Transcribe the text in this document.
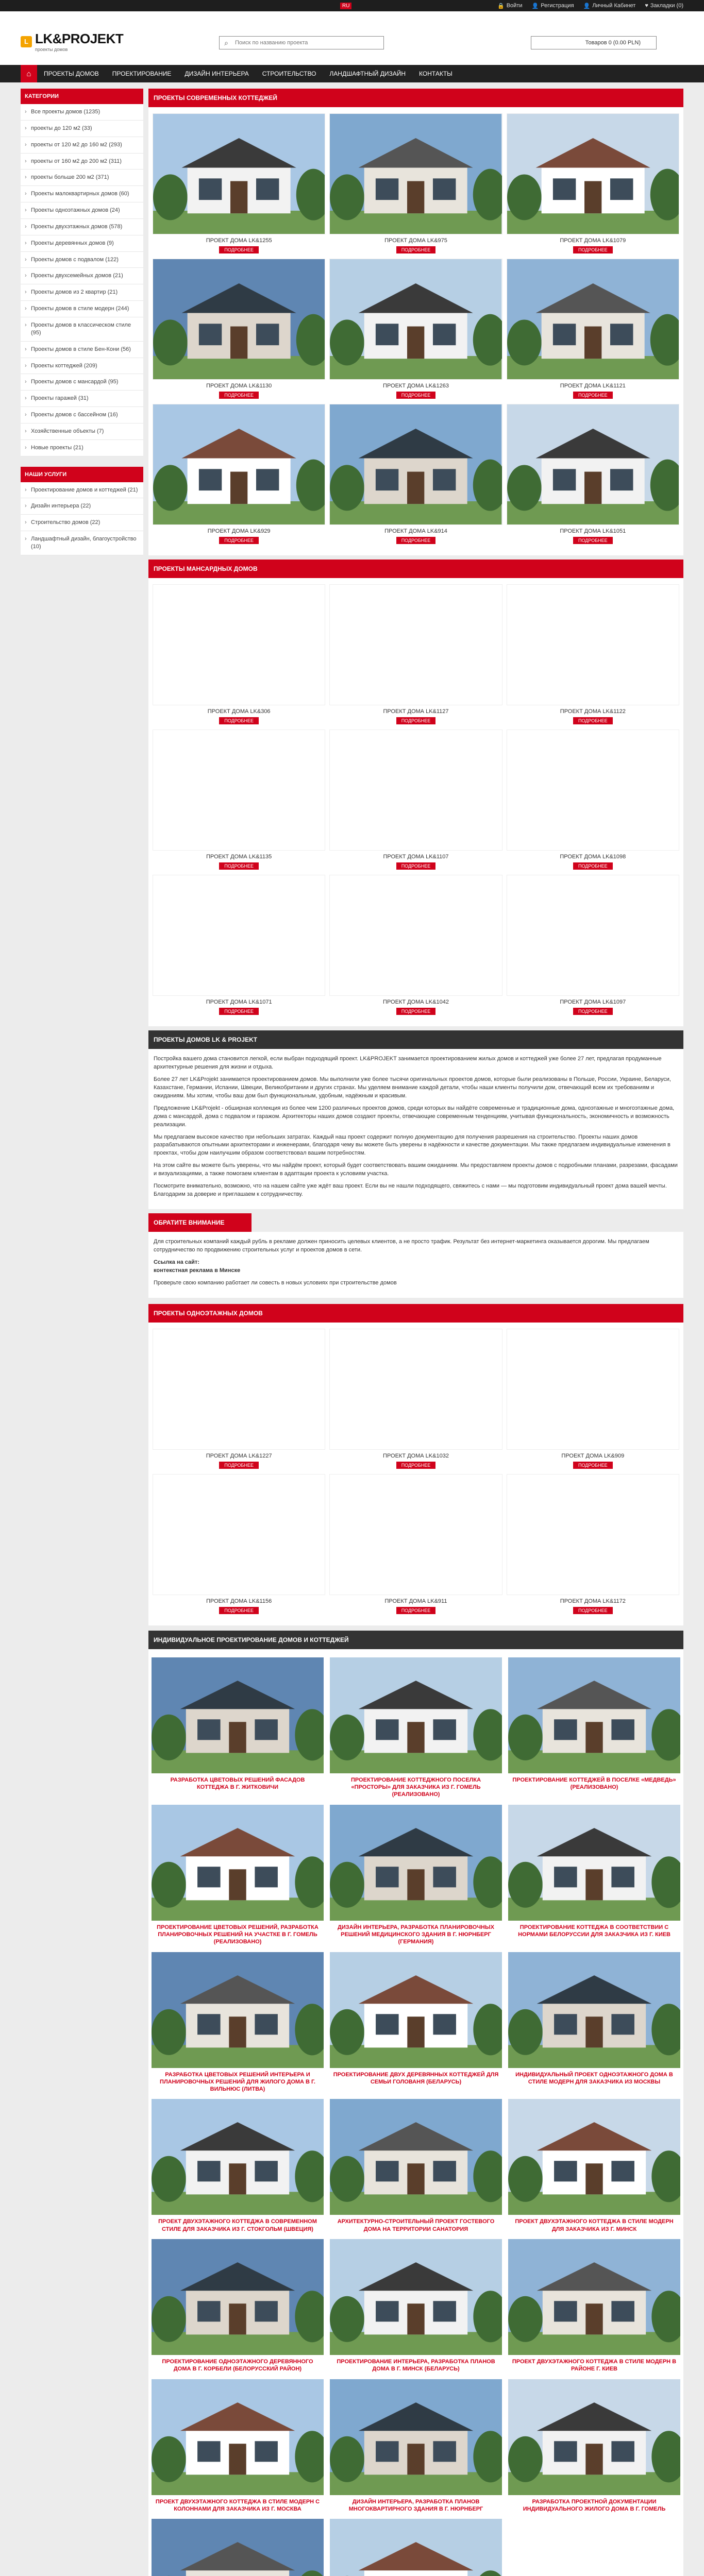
RU	🔒 Войти 👤 Регистрация 👤 Личный Кабинет ♥ Закладки (0)
L LK&PROJEKT
проекты домов
⌕
Поиск по названию проекта	Товаров 0 (0.00 PLN)
⌂	ПРОЕКТЫ ДОМОВ	ПРОЕКТИРОВАНИЕ	ДИЗАЙН ИНТЕРЬЕРА	СТРОИТЕЛЬСТВО	ЛАНДШАФТНЫЙ ДИЗАЙН	КОНТАКТЫ
КАТЕГОРИИ
› Все проекты домов (1235)
› проекты до 120 м2 (33)
› проекты от 120 м2 до 160 м2 (293)
› проекты от 160 м2 до 200 м2 (311)
› проекты больше 200 м2 (371)
› Проекты малоквартирных домов (60)
› Проекты одноэтажных домов (24)
› Проекты двухэтажных домов (578)
› Проекты деревянных домов (9)
› Проекты домов с подвалом (122)
› Проекты двухсемейных домов (21)
› Проекты домов из 2 квартир (21)
› Проекты домов в стиле модерн (244)
› Проекты домов в классическом стиле (95)
› Проекты домов в стиле Бен-Кони (56)
› Проекты коттеджей (209)
› Проекты домов с мансардой (95)
› Проекты гаражей (31)
› Проекты домов с бассейном (16)
› Хозяйственные объекты (7)
› Новые проекты (21)
НАШИ УСЛУГИ
› Проектирование домов и коттеджей (21)
› Дизайн интерьера (22)
› Строительство домов (22)
› Ландшафтный дизайн, благоустройство (10)
ПРОЕКТЫ СОВРЕМЕННЫХ КОТТЕДЖЕЙ
ПРОЕКТ ДОМА LK&1255
ПОДРОБНЕЕ
ПРОЕКТ ДОМА LK&975
ПОДРОБНЕЕ
ПРОЕКТ ДОМА LK&1079
ПОДРОБНЕЕ
ПРОЕКТ ДОМА LK&1130
ПОДРОБНЕЕ
ПРОЕКТ ДОМА LK&1263
ПОДРОБНЕЕ
ПРОЕКТ ДОМА LK&1121
ПОДРОБНЕЕ
ПРОЕКТ ДОМА LK&929
ПОДРОБНЕЕ
ПРОЕКТ ДОМА LK&914
ПОДРОБНЕЕ
ПРОЕКТ ДОМА LK&1051
ПОДРОБНЕЕ
ПРОЕКТЫ МАНСАРДНЫХ ДОМОВ
ПРОЕКТ ДОМА LK&306
ПОДРОБНЕЕ
ПРОЕКТ ДОМА LK&1127
ПОДРОБНЕЕ
ПРОЕКТ ДОМА LK&1122
ПОДРОБНЕЕ
ПРОЕКТ ДОМА LK&1135
ПОДРОБНЕЕ
ПРОЕКТ ДОМА LK&1107
ПОДРОБНЕЕ
ПРОЕКТ ДОМА LK&1098
ПОДРОБНЕЕ
ПРОЕКТ ДОМА LK&1071
ПОДРОБНЕЕ
ПРОЕКТ ДОМА LK&1042
ПОДРОБНЕЕ
ПРОЕКТ ДОМА LK&1097
ПОДРОБНЕЕ
ПРОЕКТЫ ДОМОВ LK & PROJEKT

Постройка вашего дома становится легкой, если выбран подходящий проект. LK&PROJEKT занимается проектированием жилых домов и коттеджей уже более 27 лет, предлагая продуманные архитектурные решения для жизни и отдыха.

Более 27 лет LK&Projekt занимается проектированием домов. Мы выполнили уже более тысячи оригинальных проектов домов, которые были реализованы в Польше, России, Украине, Беларуси, Казахстане, Германии, Испании, Швеции, Великобритании и других странах. Мы уделяем внимание каждой детали, чтобы наши клиенты получили дом, отвечающий всем их требованиям и ожиданиям. Мы хотим, чтобы ваш дом был функциональным, удобным, надёжным и красивым.

Предложение LK&Projekt - обширная коллекция из более чем 1200 различных проектов домов, среди которых вы найдёте современные и традиционные дома, одноэтажные и многоэтажные дома, дома с мансардой, дома с подвалом и гаражом. Архитекторы наших домов создают проекты, отвечающие современным тенденциям, учитывая функциональность, экономичность и возможность реализации.

Мы предлагаем высокое качество при небольших затратах. Каждый наш проект содержит полную документацию для получения разрешения на строительство. Проекты наших домов разрабатываются опытными архитекторами и инженерами, благодаря чему вы можете быть уверены в надёжности и качестве документации. Мы также предлагаем индивидуальные изменения в проектах, чтобы дом наилучшим образом соответствовал вашим потребностям.

На этом сайте вы можете быть уверены, что мы найдём проект, который будет соответствовать вашим ожиданиям. Мы предоставляем проекты домов с подробными планами, разрезами, фасадами и визуализациями, а также помогаем клиентам в адаптации проекта к условиям участка.

Посмотрите внимательно, возможно, что на нашем сайте уже ждёт ваш проект. Если вы не нашли подходящего, свяжитесь с нами — мы подготовим индивидуальный проект дома вашей мечты. Благодарим за доверие и приглашаем к сотрудничеству.

ОБРАТИТЕ ВНИМАНИЕ

Для строительных компаний каждый рубль в рекламе должен приносить целевых клиентов, а не просто трафик. Результат без интернет-маркетинга оказывается дорогим. Мы предлагаем сотрудничество по продвижению строительных услуг и проектов домов в сети.

Ссылка на сайт:
контекстная реклама в Минске

Проверьте свою компанию работает ли совесть в новых условиях при строительстве домов

ПРОЕКТЫ ОДНОЭТАЖНЫХ ДОМОВ
ПРОЕКТ ДОМА LK&1227
ПОДРОБНЕЕ
ПРОЕКТ ДОМА LK&1032
ПОДРОБНЕЕ
ПРОЕКТ ДОМА LK&909
ПОДРОБНЕЕ
ПРОЕКТ ДОМА LK&1156
ПОДРОБНЕЕ
ПРОЕКТ ДОМА LK&911
ПОДРОБНЕЕ
ПРОЕКТ ДОМА LK&1172
ПОДРОБНЕЕ
ИНДИВИДУАЛЬНОЕ ПРОЕКТИРОВАНИЕ ДОМОВ И КОТТЕДЖЕЙ
РАЗРАБОТКА ЦВЕТОВЫХ РЕШЕНИЙ ФАСАДОВ КОТТЕДЖА В Г. ЖИТКОВИЧИ
ПРОЕКТИРОВАНИЕ КОТТЕДЖНОГО ПОСЕЛКА «ПРОСТОРЫ» ДЛЯ ЗАКАЗЧИКА ИЗ Г. ГОМЕЛЬ (РЕАЛИЗОВАНО)
ПРОЕКТИРОВАНИЕ КОТТЕДЖЕЙ В ПОСЕЛКЕ «МЕДВЕДЬ» (РЕАЛИЗОВАНО)
ПРОЕКТИРОВАНИЕ ЦВЕТОВЫХ РЕШЕНИЙ, РАЗРАБОТКА ПЛАНИРОВОЧНЫХ РЕШЕНИЙ НА УЧАСТКЕ В Г. ГОМЕЛЬ (РЕАЛИЗОВАНО)
ДИЗАЙН ИНТЕРЬЕРА, РАЗРАБОТКА ПЛАНИРОВОЧНЫХ РЕШЕНИЙ МЕДИЦИНСКОГО ЗДАНИЯ В Г. НЮРНБЕРГ (ГЕРМАНИЯ)
ПРОЕКТИРОВАНИЕ КОТТЕДЖА В СООТВЕТСТВИИ С НОРМАМИ БЕЛОРУССИИ ДЛЯ ЗАКАЗЧИКА ИЗ Г. КИЕВ
РАЗРАБОТКА ЦВЕТОВЫХ РЕШЕНИЙ ИНТЕРЬЕРА И ПЛАНИРОВОЧНЫХ РЕШЕНИЙ ДЛЯ ЖИЛОГО ДОМА В Г. ВИЛЬНЮС (ЛИТВА)
ПРОЕКТИРОВАНИЕ ДВУХ ДЕРЕВЯННЫХ КОТТЕДЖЕЙ ДЛЯ СЕМЬИ ГОЛОВАНЯ (БЕЛАРУСЬ)
ИНДИВИДУАЛЬНЫЙ ПРОЕКТ ОДНОЭТАЖНОГО ДОМА В СТИЛЕ МОДЕРН ДЛЯ ЗАКАЗЧИКА ИЗ МОСКВЫ
ПРОЕКТ ДВУХЭТАЖНОГО КОТТЕДЖА В СОВРЕМЕННОМ СТИЛЕ ДЛЯ ЗАКАЗЧИКА ИЗ Г. СТОКГОЛЬМ (ШВЕЦИЯ)
АРХИТЕКТУРНО-СТРОИТЕЛЬНЫЙ ПРОЕКТ ГОСТЕВОГО ДОМА НА ТЕРРИТОРИИ САНАТОРИЯ
ПРОЕКТ ДВУХЭТАЖНОГО КОТТЕДЖА В СТИЛЕ МОДЕРН ДЛЯ ЗАКАЗЧИКА ИЗ Г. МИНСК
ПРОЕКТИРОВАНИЕ ОДНОЭТАЖНОГО ДЕРЕВЯННОГО ДОМА В Г. КОРБЕЛИ (БЕЛОРУССКИЙ РАЙОН)
ПРОЕКТИРОВАНИЕ ИНТЕРЬЕРА, РАЗРАБОТКА ПЛАНОВ ДОМА В Г. МИНСК (БЕЛАРУСЬ)
ПРОЕКТ ДВУХЭТАЖНОГО КОТТЕДЖА В СТИЛЕ МОДЕРН В РАЙОНЕ Г. КИЕВ
ПРОЕКТ ДВУХЭТАЖНОГО КОТТЕДЖА В СТИЛЕ МОДЕРН С КОЛОННАМИ ДЛЯ ЗАКАЗЧИКА ИЗ Г. МОСКВА
ДИЗАЙН ИНТЕРЬЕРА, РАЗРАБОТКА ПЛАНОВ МНОГОКВАРТИРНОГО ЗДАНИЯ В Г. НЮРНБЕРГ
РАЗРАБОТКА ПРОЕКТНОЙ ДОКУМЕНТАЦИИ ИНДИВИДУАЛЬНОГО ЖИЛОГО ДОМА В Г. ГОМЕЛЬ
